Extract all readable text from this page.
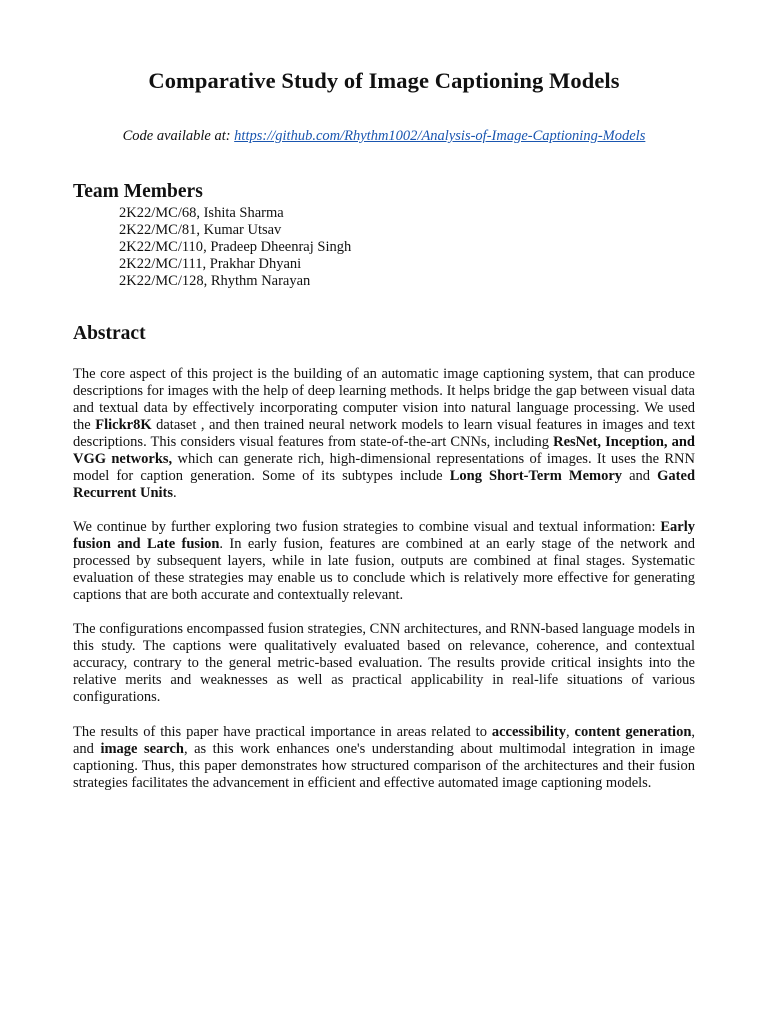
Comparative Study of Image Captioning Models
Code available at: https://github.com/Rhythm1002/Analysis-of-Image-Captioning-Models
Team Members
2K22/MC/68, Ishita Sharma
2K22/MC/81, Kumar Utsav
2K22/MC/110, Pradeep Dheenraj Singh
2K22/MC/111, Prakhar Dhyani
2K22/MC/128, Rhythm Narayan
Abstract

The core aspect of this project is the building of an automatic image captioning system, that can produce descriptions for images with the help of deep learning methods. It helps bridge the gap between visual data and textual data by effectively incorporating computer vision into natural language processing. We used the Flickr8K dataset , and then trained neural network models to learn visual features in images and text descriptions. This considers visual features from state-of-the-art CNNs, including ResNet, Inception, and VGG networks, which can generate rich, high-dimensional representations of images. It uses the RNN model for caption generation. Some of its subtypes include Long Short-Term Memory and Gated Recurrent Units.

We continue by further exploring two fusion strategies to combine visual and textual information: Early fusion and Late fusion. In early fusion, features are combined at an early stage of the network and processed by subsequent layers, while in late fusion, outputs are combined at final stages. Systematic evaluation of these strategies may enable us to conclude which is relatively more effective for generating captions that are both accurate and contextually relevant.

The configurations encompassed fusion strategies, CNN architectures, and RNN-based language models in this study. The captions were qualitatively evaluated based on relevance, coherence, and contextual accuracy, contrary to the general metric-based evaluation. The results provide critical insights into the relative merits and weaknesses as well as practical applicability in real-life situations of various configurations.

The results of this paper have practical importance in areas related to accessibility, content generation, and image search, as this work enhances one's understanding about multimodal integration in image captioning. Thus, this paper demonstrates how structured comparison of the architectures and their fusion strategies facilitates the advancement in efficient and effective automated image captioning models.
